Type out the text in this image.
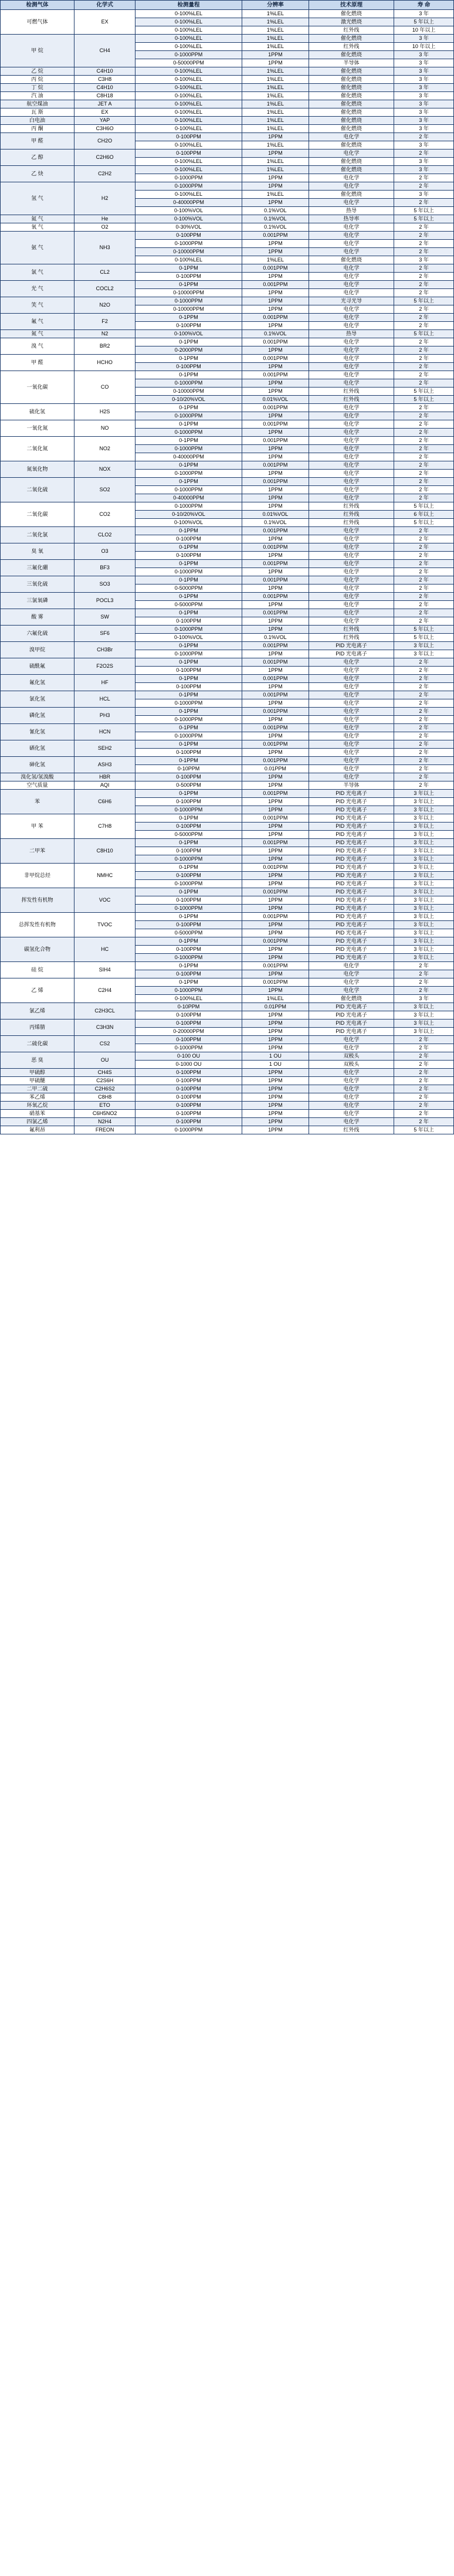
检测气体	化学式	检测量程	分辨率	技术原理	寿 命
可燃气体	EX	0-100%LEL	1%LEL	催化燃烧	3 年
		0-100%LEL	1%LEL	激光燃烧	5 年以上
		0-100%LEL	1%LEL	红外线	10 年以上
甲 烷	CH4	0-100%LEL	1%LEL	催化燃烧	3 年
		0-100%LEL	1%LEL	红外线	10 年以上
		0-1000PPM	1PPM	催化燃烧	3 年
		0-50000PPM	1PPM	半导体	3 年
乙 烷	C4H10	0-100%LEL	1%LEL	催化燃烧	3 年
丙 烷	C3H8	0-100%LEL	1%LEL	催化燃烧	3 年
丁 烷	C4H10	0-100%LEL	1%LEL	催化燃烧	3 年
汽 油	C8H18	0-100%LEL	1%LEL	催化燃烧	3 年
航空煤油	JET A	0-100%LEL	1%LEL	催化燃烧	3 年
瓦 斯	EX	0-100%LEL	1%LEL	催化燃烧	3 年
白电油	YAP	0-100%LEL	1%LEL	催化燃烧	3 年
丙 酮	C3H6O	0-100%LEL	1%LEL	催化燃烧	3 年
甲 醛	CH2O	0-100PPM	1PPM	电化学	2 年
		0-100%LEL	1%LEL	催化燃烧	3 年
乙 醇	C2H6O	0-100PPM	1PPM	电化学	2 年
		0-100%LEL	1%LEL	催化燃烧	3 年
乙 炔	C2H2	0-100%LEL	1%LEL	催化燃烧	3 年
		0-1000PPM	1PPM	电化学	2 年
氢 气	H2	0-1000PPM	1PPM	电化学	2 年
		0-100%LEL	1%LEL	催化燃烧	3 年
		0-40000PPM	1PPM	电化学	2 年
		0-100%VOL	0.1%VOL	热导	5 年以上
氦 气	He	0-100%VOL	0.1%VOL	热导率	5 年以上
氧 气	O2	0-30%VOL	0.1%VOL	电化学	2 年
氨 气	NH3	0-100PPM	0.001PPM	电化学	2 年
		0-1000PPM	1PPM	电化学	2 年
		0-10000PPM	1PPM	电化学	2 年
		0-100%LEL	1%LEL	催化燃烧	3 年
氯 气	CL2	0-1PPM	0.001PPM	电化学	2 年
		0-100PPM	1PPM	电化学	2 年
光 气	COCL2	0-1PPM	0.001PPM	电化学	2 年
		0-10000PPM	1PPM	电化学	2 年
笑 气	N2O	0-1000PPM	1PPM	光寻光导	5 年以上
		0-10000PPM	1PPM	电化学	2 年
氟 气	F2	0-1PPM	0.001PPM	电化学	2 年
		0-100PPM	1PPM	电化学	2 年
氮 气	N2	0-100%VOL	0.1%VOL	热导	5 年以上
溴 气	BR2	0-1PPM	0.001PPM	电化学	2 年
		0-2000PPM	1PPM	电化学	2 年
甲 醛	HCHO	0-1PPM	0.001PPM	电化学	2 年
		0-100PPM	1PPM	电化学	2 年
一氧化碳	CO	0-1PPM	0.001PPM	电化学	2 年
		0-1000PPM	1PPM	电化学	2 年
		0-10000PPM	1PPM	红外线	5 年以上
		0-10/20%VOL	0.01%VOL	红外线	5 年以上
硫化氢	H2S	0-1PPM	0.001PPM	电化学	2 年
		0-1000PPM	1PPM	电化学	2 年
一氧化氮	NO	0-1PPM	0.001PPM	电化学	2 年
		0-1000PPM	1PPM	电化学	2 年
二氧化氮	NO2	0-1PPM	0.001PPM	电化学	2 年
		0-1000PPM	1PPM	电化学	2 年
		0-40000PPM	1PPM	电化学	2 年
氮氧化物	NOX	0-1PPM	0.001PPM	电化学	2 年
		0-1000PPM	1PPM	电化学	2 年
二氧化硫	SO2	0-1PPM	0.001PPM	电化学	2 年
		0-1000PPM	1PPM	电化学	2 年
		0-40000PPM	1PPM	电化学	2 年
二氧化碳	CO2	0-1000PPM	1PPM	红外线	5 年以上
		0-10/20%VOL	0.01%VOL	红外线	6 年以上
		0-100%VOL	0.1%VOL	红外线	5 年以上
二氧化氯	CLO2	0-1PPM	0.001PPM	电化学	2 年
		0-100PPM	1PPM	电化学	2 年
臭 氧	O3	0-1PPM	0.001PPM	电化学	2 年
		0-100PPM	1PPM	电化学	2 年
三氟化硼	BF3	0-1PPM	0.001PPM	电化学	2 年
		0-1000PPM	1PPM	电化学	2 年
三氧化硫	SO3	0-1PPM	0.001PPM	电化学	2 年
		0-5000PPM	1PPM	电化学	2 年
三氯氧磷	POCL3	0-1PPM	0.001PPM	电化学	2 年
		0-5000PPM	1PPM	电化学	2 年
酸 雾	SW	0-1PPM	0.001PPM	电化学	2 年
		0-100PPM	1PPM	电化学	2 年
六氟化硫	SF6	0-1000PPM	1PPM	红外线	5 年以上
		0-100%VOL	0.1%VOL	红外线	5 年以上
溴甲烷	CH3Br	0-1PPM	0.001PPM	PID 光电离子	3 年以上
		0-1000PPM	1PPM	PID 光电离子	3 年以上
硫酰氟	F2O2S	0-1PPM	0.001PPM	电化学	2 年
		0-100PPM	1PPM	电化学	2 年
氟化氢	HF	0-1PPM	0.001PPM	电化学	2 年
		0-100PPM	1PPM	电化学	2 年
氯化氢	HCL	0-1PPM	0.001PPM	电化学	2 年
		0-1000PPM	1PPM	电化学	2 年
磷化氢	PH3	0-1PPM	0.001PPM	电化学	2 年
		0-1000PPM	1PPM	电化学	2 年
氰化氢	HCN	0-1PPM	0.001PPM	电化学	2 年
		0-1000PPM	1PPM	电化学	2 年
硒化氢	SEH2	0-1PPM	0.001PPM	电化学	2 年
		0-100PPM	1PPM	电化学	2 年
砷化氢	ASH3	0-1PPM	0.001PPM	电化学	2 年
		0-10PPM	0.01PPM	电化学	2 年
溴化氢/氢溴酸	HBR	0-100PPM	1PPM	电化学	2 年
空气质量	AQI	0-500PPM	1PPM	半导体	2 年
苯	C6H6	0-1PPM	0.001PPM	PID 光电离子	3 年以上
		0-100PPM	1PPM	PID 光电离子	3 年以上
		0-1000PPM	1PPM	PID 光电离子	3 年以上
甲 苯	C7H8	0-1PPM	0.001PPM	PID 光电离子	3 年以上
		0-100PPM	1PPM	PID 光电离子	3 年以上
		0-5000PPM	1PPM	PID 光电离子	3 年以上
二甲苯	C8H10	0-1PPM	0.001PPM	PID 光电离子	3 年以上
		0-100PPM	1PPM	PID 光电离子	3 年以上
		0-1000PPM	1PPM	PID 光电离子	3 年以上
非甲烷总烃	NMHC	0-1PPM	0.001PPM	PID 光电离子	3 年以上
		0-100PPM	1PPM	PID 光电离子	3 年以上
		0-1000PPM	1PPM	PID 光电离子	3 年以上
挥发性有机物	VOC	0-1PPM	0.001PPM	PID 光电离子	3 年以上
		0-100PPM	1PPM	PID 光电离子	3 年以上
		0-1000PPM	1PPM	PID 光电离子	3 年以上
总挥发性有机物	TVOC	0-1PPM	0.001PPM	PID 光电离子	3 年以上
		0-100PPM	1PPM	PID 光电离子	3 年以上
		0-5000PPM	1PPM	PID 光电离子	3 年以上
碳氢化合物	HC	0-1PPM	0.001PPM	PID 光电离子	3 年以上
		0-100PPM	1PPM	PID 光电离子	3 年以上
		0-1000PPM	1PPM	PID 光电离子	3 年以上
硅 烷	SIH4	0-1PPM	0.001PPM	电化学	2 年
		0-100PPM	1PPM	电化学	2 年
乙 烯	C2H4	0-1PPM	0.001PPM	电化学	2 年
		0-1000PPM	1PPM	电化学	2 年
		0-100%LEL	1%LEL	催化燃烧	3 年
氯乙烯	C2H3CL	0-10PPM	0.01PPM	PID 光电离子	3 年以上
		0-100PPM	1PPM	PID 光电离子	3 年以上
丙烯腈	C3H3N	0-100PPM	1PPM	PID 光电离子	3 年以上
		0-20000PPM	1PPM	PID 光电离子	3 年以上
二硫化碳	CS2	0-100PPM	1PPM	电化学	2 年
		0-1000PPM	1PPM	电化学	2 年
恶 臭	OU	0-100 OU	1 OU	双极头	2 年
		0-1000 OU	1 OU	双极头	2 年
甲硫醇	CH4S	0-100PPM	1PPM	电化学	2 年
甲硫醚	C2S6H	0-100PPM	1PPM	电化学	2 年
二甲二硫	C2H6S2	0-100PPM	1PPM	电化学	2 年
苯乙烯	C8H8	0-100PPM	1PPM	电化学	2 年
环氧乙烷	ETO	0-100PPM	1PPM	电化学	2 年
硝基苯	C6H5NO2	0-100PPM	1PPM	电化学	2 年
四氯乙烯	N2H4	0-100PPM	1PPM	电化学	2 年
氟利昂	FREON	0-1000PPM	1PPM	红外线	5 年以上
